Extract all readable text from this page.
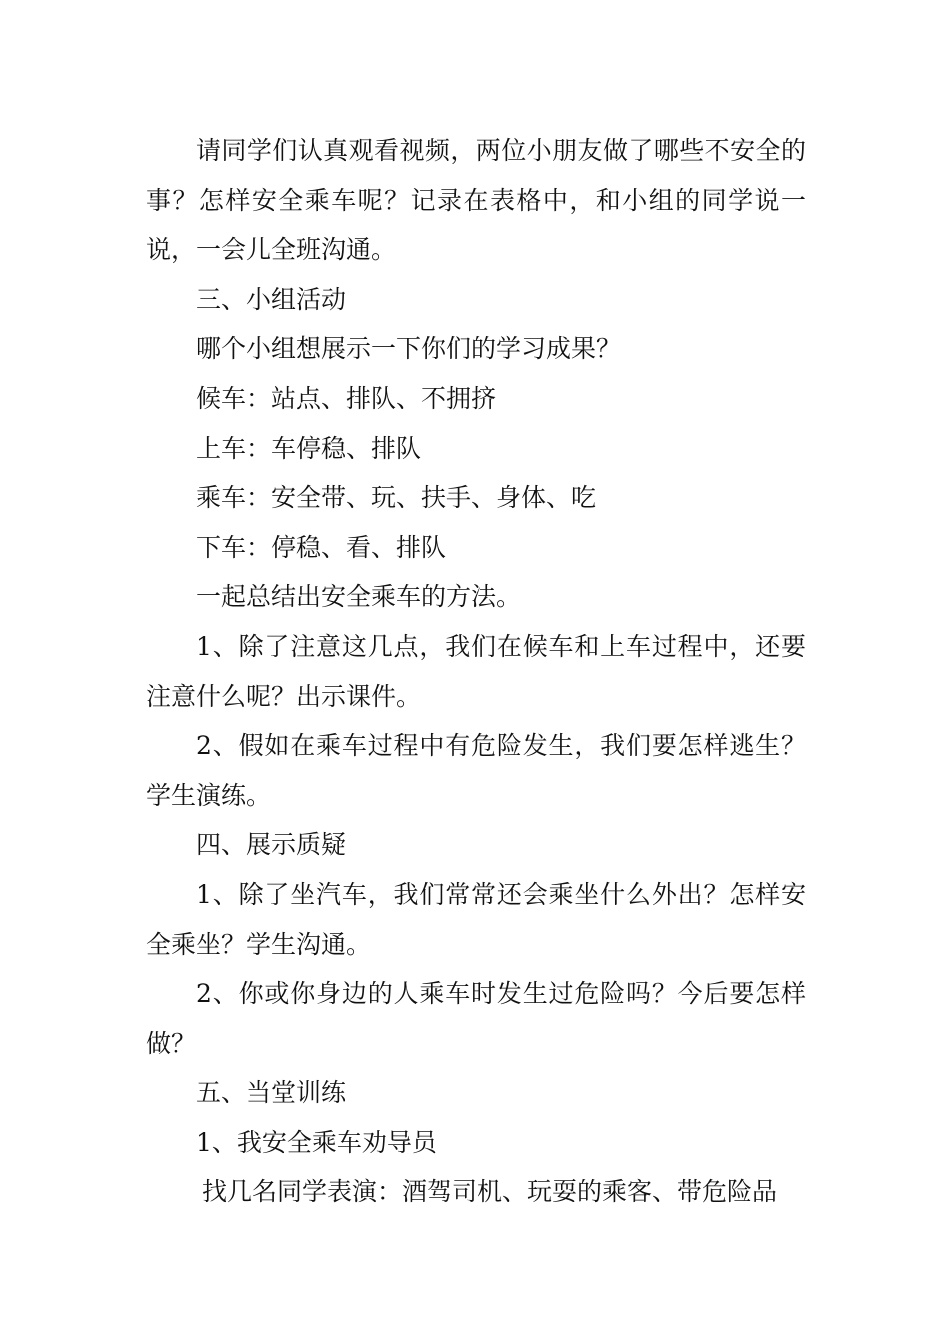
请同学们认真观看视频，两位小朋友做了哪些不安全的事？怎样安全乘车呢？记录在表格中，和小组的同学说一说，一会儿全班沟通。

三、小组活动

哪个小组想展示一下你们的学习成果？

候车：站点、排队、不拥挤

上车：车停稳、排队

乘车：安全带、玩、扶手、身体、吃

下车：停稳、看、排队

一起总结出安全乘车的方法。

1、除了注意这几点，我们在候车和上车过程中，还要注意什么呢？出示课件。

2、假如在乘车过程中有危险发生，我们要怎样逃生？学生演练。

四、展示质疑

1、除了坐汽车，我们常常还会乘坐什么外出？怎样安全乘坐？学生沟通。

2、你或你身边的人乘车时发生过危险吗？今后要怎样做？

五、当堂训练

1、我安全乘车劝导员

找几名同学表演：酒驾司机、玩耍的乘客、带危险品
